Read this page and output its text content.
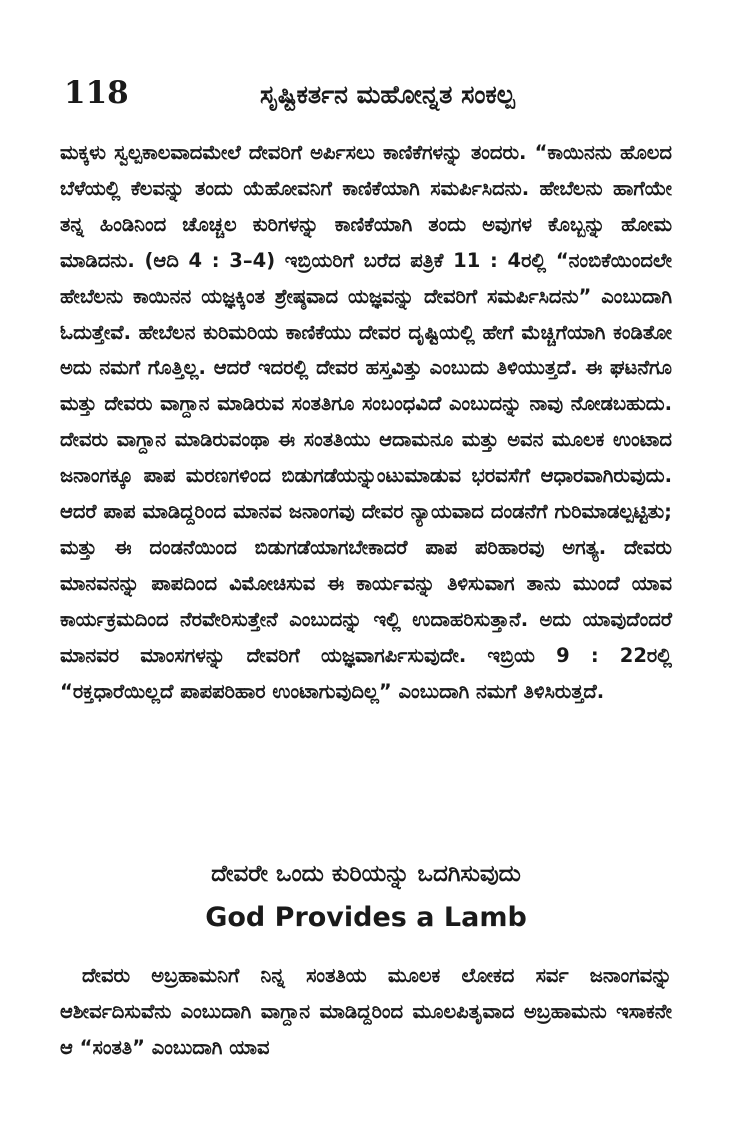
118	ಸೃಷ್ಟಿಕರ್ತನ ಮಹೋನ್ನತ ಸಂಕಲ್ಪ

ಮಕ್ಕಳು ಸ್ವಲ್ಪಕಾಲವಾದಮೇಲೆ ದೇವರಿಗೆ ಅರ್ಪಿಸಲು ಕಾಣಿಕೆಗಳನ್ನು ತಂದರು. “ಕಾಯಿನನು ಹೊಲದ ಬೆಳೆಯಲ್ಲಿ ಕೆಲವನ್ನು ತಂದು ಯೆಹೋವನಿಗೆ ಕಾಣಿಕೆಯಾಗಿ ಸಮರ್ಪಿಸಿದನು. ಹೇಬೆಲನು ಹಾಗೆಯೇ ತನ್ನ ಹಿಂಡಿನಿಂದ ಚೊಚ್ಚಲ ಕುರಿಗಳನ್ನು ಕಾಣಿಕೆಯಾಗಿ ತಂದು ಅವುಗಳ ಕೊಬ್ಬನ್ನು ಹೋಮ ಮಾಡಿದನು. (ಆದಿ 4 : 3–4) ಇಬ್ರಿಯರಿಗೆ ಬರೆದ ಪತ್ರಿಕೆ 11 : 4ರಲ್ಲಿ “ನಂಬಿಕೆಯಿಂದಲೇ ಹೇಬೆಲನು ಕಾಯಿನನ ಯಜ್ಞಕ್ಕಿಂತ ಶ್ರೇಷ್ಠವಾದ ಯಜ್ಞವನ್ನು ದೇವರಿಗೆ ಸಮರ್ಪಿಸಿದನು” ಎಂಬುದಾಗಿ ಓದುತ್ತೇವೆ. ಹೇಬೆಲನ ಕುರಿಮರಿಯ ಕಾಣಿಕೆಯು ದೇವರ ದೃಷ್ಟಿಯಲ್ಲಿ ಹೇಗೆ ಮೆಚ್ಚಿಗೆಯಾಗಿ ಕಂಡಿತೋ ಅದು ನಮಗೆ ಗೊತ್ತಿಲ್ಲ. ಆದರೆ ಇದರಲ್ಲಿ ದೇವರ ಹಸ್ತವಿತ್ತು ಎಂಬುದು ತಿಳಿಯುತ್ತದೆ. ಈ ಘಟನೆಗೂ ಮತ್ತು ದೇವರು ವಾಗ್ದಾನ ಮಾಡಿರುವ ಸಂತತಿಗೂ ಸಂಬಂಧವಿದೆ ಎಂಬುದನ್ನು ನಾವು ನೋಡಬಹುದು. ದೇವರು ವಾಗ್ದಾನ ಮಾಡಿರುವಂಥಾ ಈ ಸಂತತಿಯು ಆದಾಮನೂ ಮತ್ತು ಅವನ ಮೂಲಕ ಉಂಟಾದ ಜನಾಂಗಕ್ಕೂ ಪಾಪ ಮರಣಗಳಿಂದ ಬಿಡುಗಡೆಯನ್ನುಂಟುಮಾಡುವ ಭರವಸೆಗೆ ಆಧಾರವಾಗಿರುವುದು. ಆದರೆ ಪಾಪ ಮಾಡಿದ್ದರಿಂದ ಮಾನವ ಜನಾಂಗವು ದೇವರ ನ್ಯಾಯವಾದ ದಂಡನೆಗೆ ಗುರಿಮಾಡಲ್ಪಟ್ಟಿತು; ಮತ್ತು ಈ ದಂಡನೆಯಿಂದ ಬಿಡುಗಡೆಯಾಗಬೇಕಾದರೆ ಪಾಪ ಪರಿಹಾರವು ಅಗತ್ಯ. ದೇವರು ಮಾನವನನ್ನು ಪಾಪದಿಂದ ವಿಮೋಚಿಸುವ ಈ ಕಾರ್ಯವನ್ನು ತಿಳಿಸುವಾಗ ತಾನು ಮುಂದೆ ಯಾವ ಕಾರ್ಯಕ್ರಮದಿಂದ ನೆರವೇರಿಸುತ್ತೇನೆ ಎಂಬುದನ್ನು ಇಲ್ಲಿ ಉದಾಹರಿಸುತ್ತಾನೆ. ಅದು ಯಾವುದೆಂದರೆ ಮಾನವರ ಮಾಂಸಗಳನ್ನು ದೇವರಿಗೆ ಯಜ್ಞವಾಗರ್ಪಿಸುವುದೇ. ಇಬ್ರಿಯ 9 : 22ರಲ್ಲಿ “ರಕ್ತಧಾರೆಯಿಲ್ಲದೆ ಪಾಪಪರಿಹಾರ ಉಂಟಾಗುವುದಿಲ್ಲ” ಎಂಬುದಾಗಿ ನಮಗೆ ತಿಳಿಸಿರುತ್ತದೆ.

ದೇವರೇ ಒಂದು ಕುರಿಯನ್ನು ಒದಗಿಸುವುದು
God Provides a Lamb

ದೇವರು ಅಬ್ರಹಾಮನಿಗೆ ನಿನ್ನ ಸಂತತಿಯ ಮೂಲಕ ಲೋಕದ ಸರ್ವ ಜನಾಂಗವನ್ನು ಆಶೀರ್ವದಿಸುವೆನು ಎಂಬುದಾಗಿ ವಾಗ್ದಾನ ಮಾಡಿದ್ದರಿಂದ ಮೂಲಪಿತೃವಾದ ಅಬ್ರಹಾಮನು ಇಸಾಕನೇ ಆ “ಸಂತತಿ” ಎಂಬುದಾಗಿ ಯಾವ
